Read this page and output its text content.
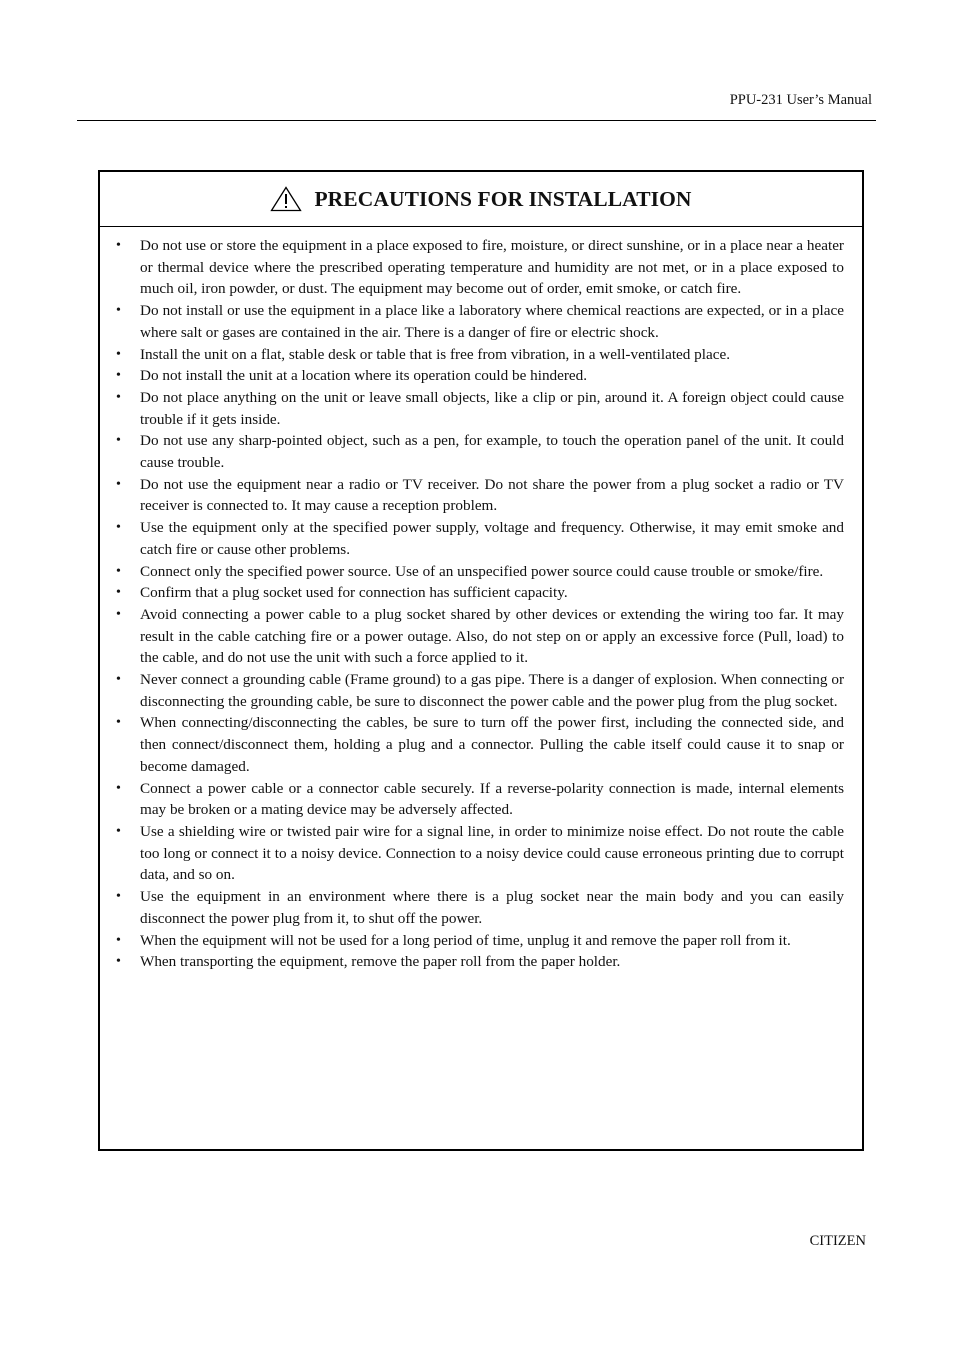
PPU-231 User’s Manual
PRECAUTIONS FOR INSTALLATION
• Do not use or store the equipment in a place exposed to fire, moisture, or direct sunshine, or in a place near a heater or thermal device where the prescribed operating temperature and humidity are not met, or in a place exposed to much oil, iron powder, or dust. The equipment may become out of order, emit smoke, or catch fire.
• Do not install or use the equipment in a place like a laboratory where chemical reactions are expected, or in a place where salt or gases are contained in the air. There is a danger of fire or electric shock.
• Install the unit on a flat, stable desk or table that is free from vibration, in a well-ventilated place.
• Do not install the unit at a location where its operation could be hindered.
• Do not place anything on the unit or leave small objects, like a clip or pin, around it. A foreign object could cause trouble if it gets inside.
• Do not use any sharp-pointed object, such as a pen, for example, to touch the operation panel of the unit. It could cause trouble.
• Do not use the equipment near a radio or TV receiver. Do not share the power from a plug socket a radio or TV receiver is connected to. It may cause a reception problem.
• Use the equipment only at the specified power supply, voltage and frequency. Otherwise, it may emit smoke and catch fire or cause other problems.
• Connect only the specified power source. Use of an unspecified power source could cause trouble or smoke/fire.
• Confirm that a plug socket used for connection has sufficient capacity.
• Avoid connecting a power cable to a plug socket shared by other devices or extending the wiring too far. It may result in the cable catching fire or a power outage. Also, do not step on or apply an excessive force (Pull, load) to the cable, and do not use the unit with such a force applied to it.
• Never connect a grounding cable (Frame ground) to a gas pipe. There is a danger of explosion. When connecting or disconnecting the grounding cable, be sure to disconnect the power cable and the power plug from the plug socket.
• When connecting/disconnecting the cables, be sure to turn off the power first, including the connected side, and then connect/disconnect them, holding a plug and a connector. Pulling the cable itself could cause it to snap or become damaged.
• Connect a power cable or a connector cable securely. If a reverse-polarity connection is made, internal elements may be broken or a mating device may be adversely affected.
• Use a shielding wire or twisted pair wire for a signal line, in order to minimize noise effect. Do not route the cable too long or connect it to a noisy device. Connection to a noisy device could cause erroneous printing due to corrupt data, and so on.
• Use the equipment in an environment where there is a plug socket near the main body and you can easily disconnect the power plug from it, to shut off the power.
• When the equipment will not be used for a long period of time, unplug it and remove the paper roll from it.
• When transporting the equipment, remove the paper roll from the paper holder.
CITIZEN
